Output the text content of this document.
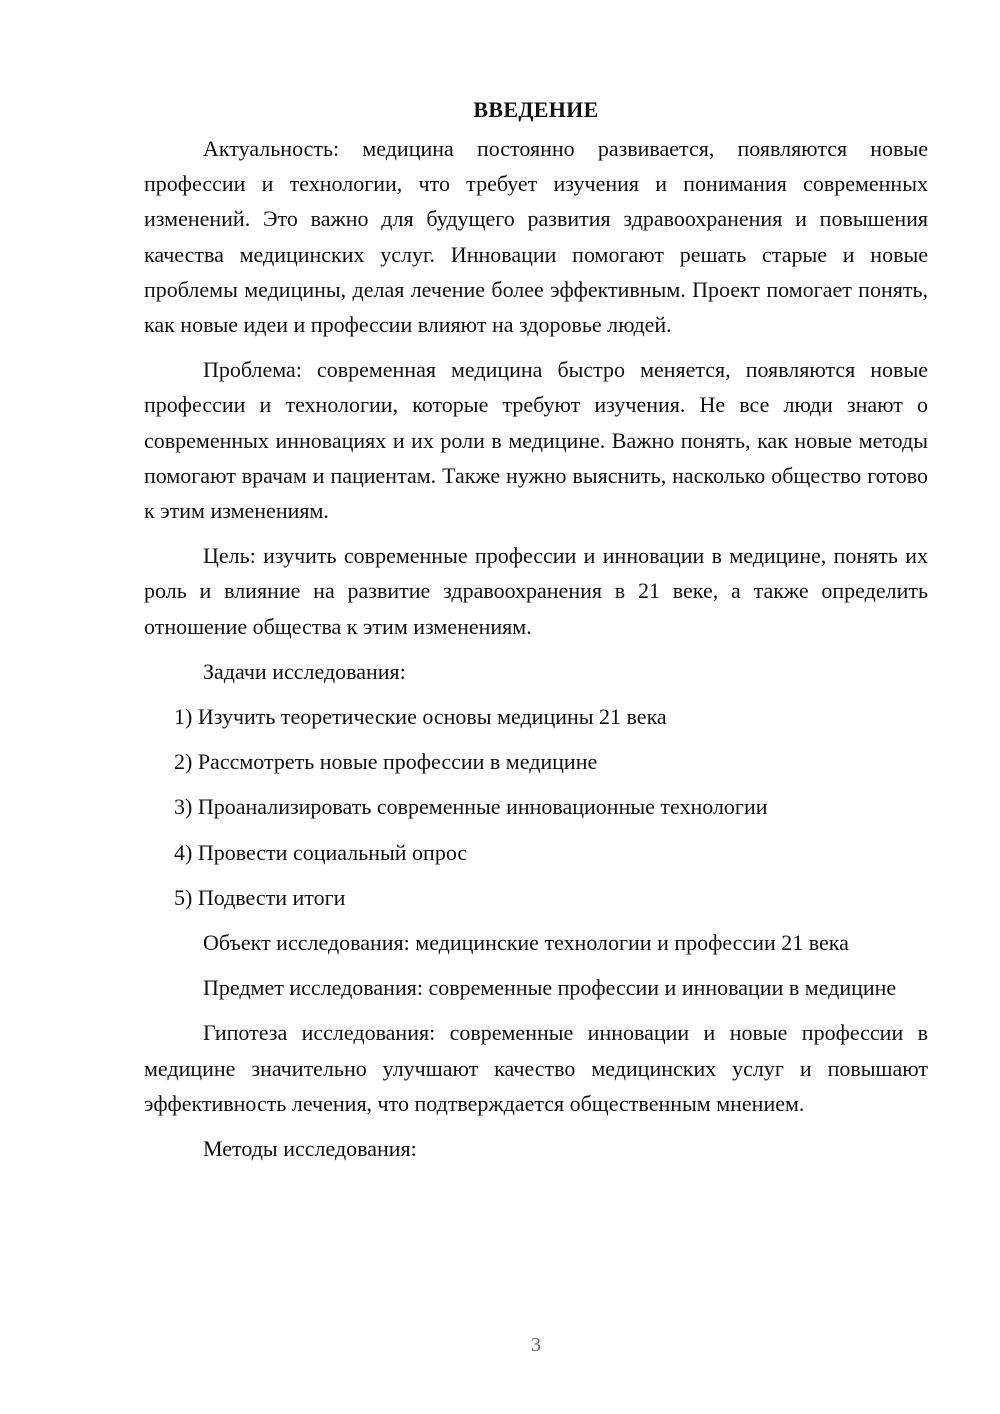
ВВЕДЕНИЕ

Актуальность: медицина постоянно развивается, появляются новые профессии и технологии, что требует изучения и понимания современных изменений. Это важно для будущего развития здравоохранения и повышения качества медицинских услуг. Инновации помогают решать старые и новые проблемы медицины, делая лечение более эффективным. Проект помогает понять, как новые идеи и профессии влияют на здоровье людей.

Проблема: современная медицина быстро меняется, появляются новые профессии и технологии, которые требуют изучения. Не все люди знают о современных инновациях и их роли в медицине. Важно понять, как новые методы помогают врачам и пациентам. Также нужно выяснить, насколько общество готово к этим изменениям.

Цель: изучить современные профессии и инновации в медицине, понять их роль и влияние на развитие здравоохранения в 21 веке, а также определить отношение общества к этим изменениям.

Задачи исследования:

1) Изучить теоретические основы медицины 21 века

2) Рассмотреть новые профессии в медицине

3) Проанализировать современные инновационные технологии

4) Провести социальный опрос

5) Подвести итоги

Объект исследования: медицинские технологии и профессии 21 века

Предмет исследования: современные профессии и инновации в медицине

Гипотеза исследования: современные инновации и новые профессии в медицине значительно улучшают качество медицинских услуг и повышают эффективность лечения, что подтверждается общественным мнением.

Методы исследования:

3
